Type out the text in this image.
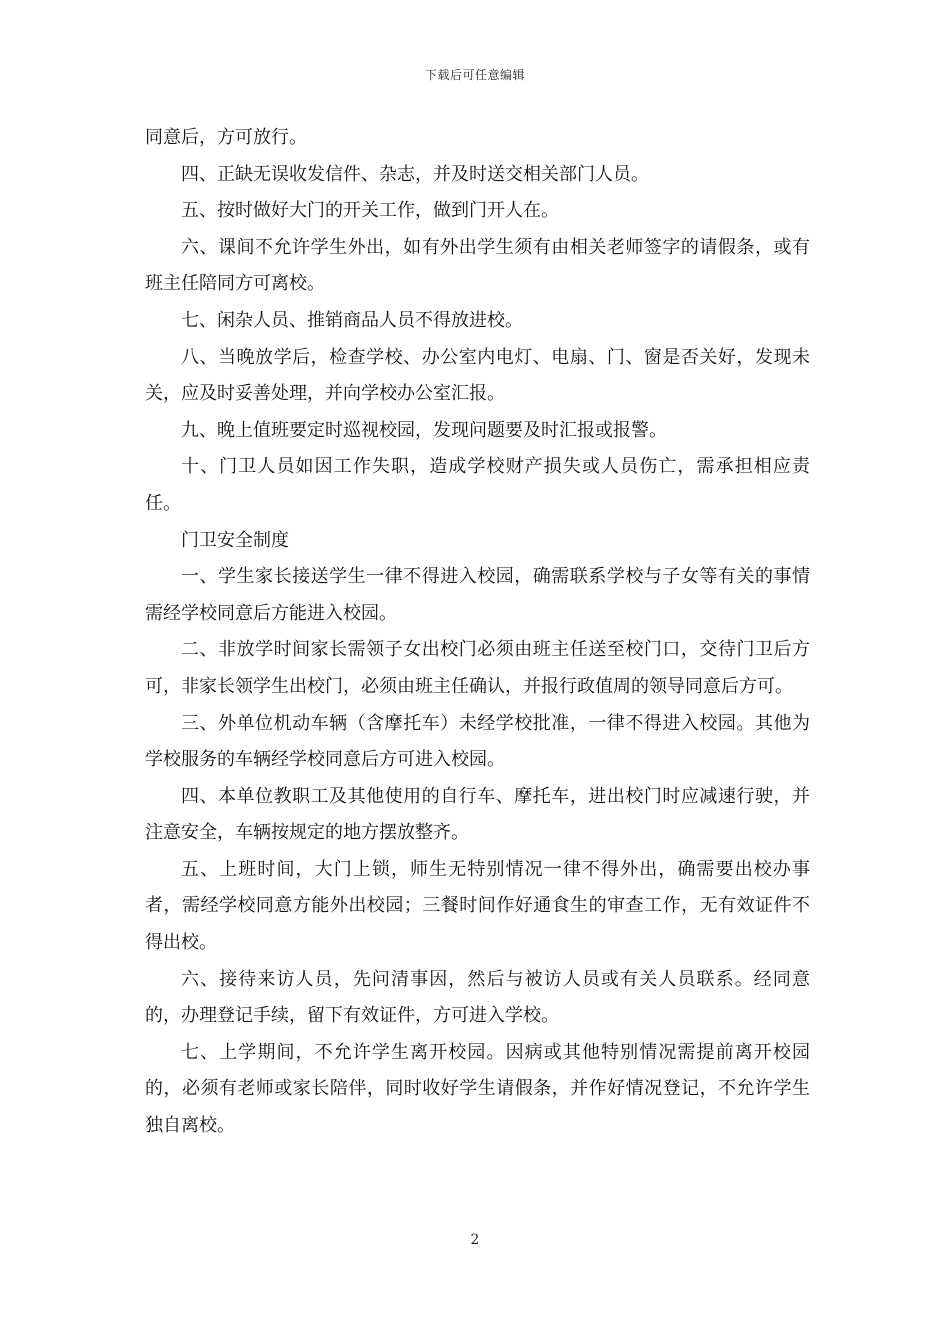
下载后可任意编辑

同意后，方可放行。

四、正缺无误收发信件、杂志，并及时送交相关部门人员。

五、按时做好大门的开关工作，做到门开人在。

六、课间不允许学生外出，如有外出学生须有由相关老师签字的请假条，或有班主任陪同方可离校。

七、闲杂人员、推销商品人员不得放进校。

八、当晚放学后，检查学校、办公室内电灯、电扇、门、窗是否关好，发现未关，应及时妥善处理，并向学校办公室汇报。

九、晚上值班要定时巡视校园，发现问题要及时汇报或报警。

十、门卫人员如因工作失职，造成学校财产损失或人员伤亡，需承担相应责任。

门卫安全制度

一、学生家长接送学生一律不得进入校园，确需联系学校与子女等有关的事情需经学校同意后方能进入校园。

二、非放学时间家长需领子女出校门必须由班主任送至校门口，交待门卫后方可，非家长领学生出校门，必须由班主任确认，并报行政值周的领导同意后方可。

三、外单位机动车辆（含摩托车）未经学校批准，一律不得进入校园。其他为学校服务的车辆经学校同意后方可进入校园。

四、本单位教职工及其他使用的自行车、摩托车，进出校门时应减速行驶，并注意安全，车辆按规定的地方摆放整齐。

五、上班时间，大门上锁，师生无特别情况一律不得外出，确需要出校办事者，需经学校同意方能外出校园；三餐时间作好通食生的审查工作，无有效证件不得出校。

六、接待来访人员，先问清事因，然后与被访人员或有关人员联系。经同意的，办理登记手续，留下有效证件，方可进入学校。

七、上学期间，不允许学生离开校园。因病或其他特别情况需提前离开校园的，必须有老师或家长陪伴，同时收好学生请假条，并作好情况登记，不允许学生独自离校。

2
